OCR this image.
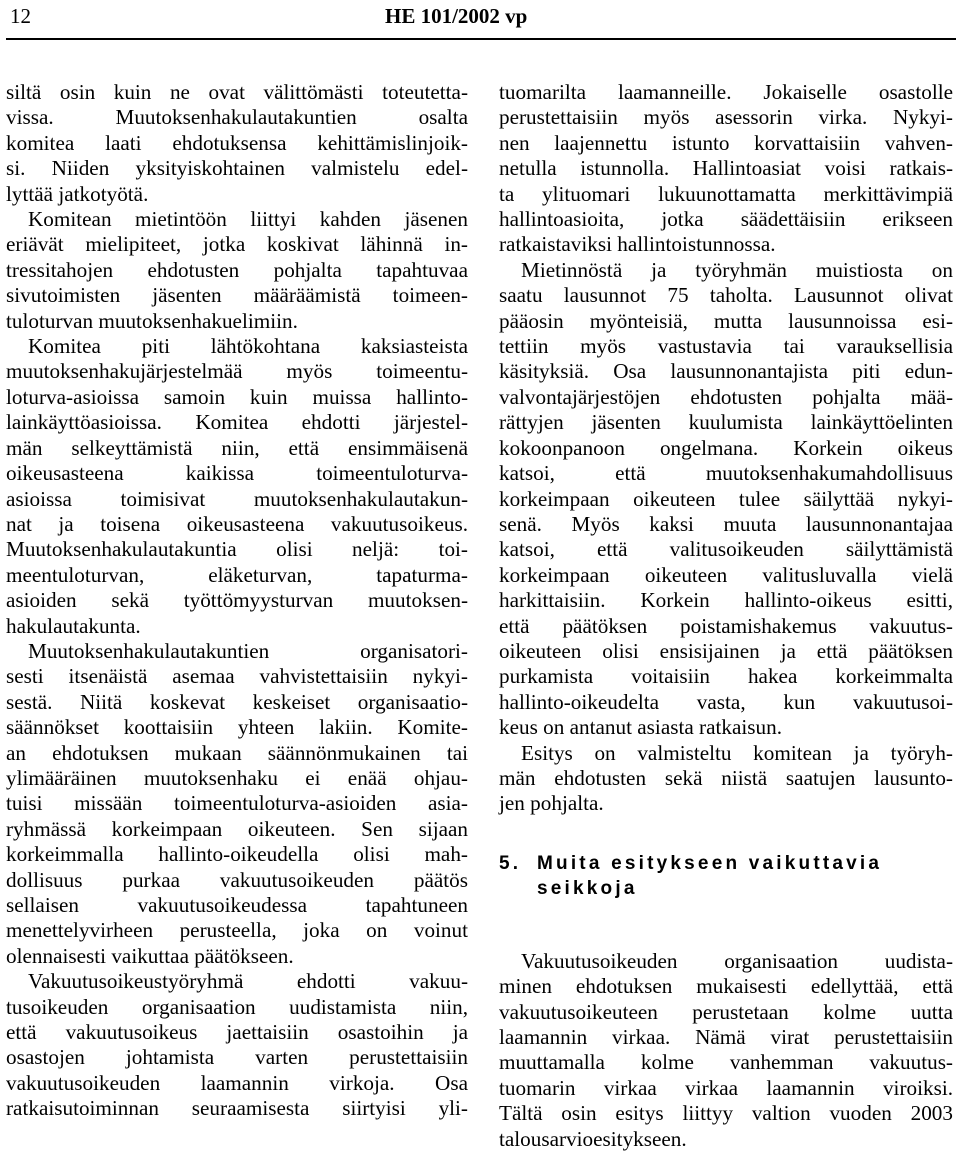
12	HE 101/2002 vp
siltä osin kuin ne ovat välittömästi toteutetta-
vissa. Muutoksenhakulautakuntien osalta
komitea laati ehdotuksensa kehittämislinjoik-
si. Niiden yksityiskohtainen valmistelu edel-
lyttää jatkotyötä.
Komitean mietintöön liittyi kahden jäsenen
eriävät mielipiteet, jotka koskivat lähinnä in-
tressitahojen ehdotusten pohjalta tapahtuvaa
sivutoimisten jäsenten määräämistä toimeen-
tuloturvan muutoksenhakuelimiin.
Komitea piti lähtökohtana kaksiasteista
muutoksenhakujärjestelmää myös toimeentu-
loturva-asioissa samoin kuin muissa hallinto-
lainkäyttöasioissa. Komitea ehdotti järjestel-
män selkeyttämistä niin, että ensimmäisenä
oikeusasteena kaikissa toimeentuloturva-
asioissa toimisivat muutoksenhakulautakun-
nat ja toisena oikeusasteena vakuutusoikeus.
Muutoksenhakulautakuntia olisi neljä: toi-
meentuloturvan, eläketurvan, tapaturma-
asioiden sekä työttömyysturvan muutoksen-
hakulautakunta.
Muutoksenhakulautakuntien organisatori-
sesti itsenäistä asemaa vahvistettaisiin nykyi-
sestä. Niitä koskevat keskeiset organisaatio-
säännökset koottaisiin yhteen lakiin. Komite-
an ehdotuksen mukaan säännönmukainen tai
ylimääräinen muutoksenhaku ei enää ohjau-
tuisi missään toimeentuloturva-asioiden asia-
ryhmässä korkeimpaan oikeuteen. Sen sijaan
korkeimmalla hallinto-oikeudella olisi mah-
dollisuus purkaa vakuutusoikeuden päätös
sellaisen vakuutusoikeudessa tapahtuneen
menettelyvirheen perusteella, joka on voinut
olennaisesti vaikuttaa päätökseen.
Vakuutusoikeustyöryhmä ehdotti vakuu-
tusoikeuden organisaation uudistamista niin,
että vakuutusoikeus jaettaisiin osastoihin ja
osastojen johtamista varten perustettaisiin
vakuutusoikeuden laamannin virkoja. Osa
ratkaisutoiminnan seuraamisesta siirtyisi yli-
tuomarilta laamanneille. Jokaiselle osastolle
perustettaisiin myös asessorin virka. Nykyi-
nen laajennettu istunto korvattaisiin vahven-
netulla istunnolla. Hallintoasiat voisi ratkais-
ta ylituomari lukuunottamatta merkittävimpiä
hallintoasioita, jotka säädettäisiin erikseen
ratkaistaviksi hallintoistunnossa.
Mietinnöstä ja työryhmän muistiosta on
saatu lausunnot 75 taholta. Lausunnot olivat
pääosin myönteisiä, mutta lausunnoissa esi-
tettiin myös vastustavia tai varauksellisia
käsityksiä. Osa lausunnonantajista piti edun-
valvontajärjestöjen ehdotusten pohjalta mää-
rättyjen jäsenten kuulumista lainkäyttöelinten
kokoonpanoon ongelmana. Korkein oikeus
katsoi, että muutoksenhakumahdollisuus
korkeimpaan oikeuteen tulee säilyttää nykyi-
senä. Myös kaksi muuta lausunnonantajaa
katsoi, että valitusoikeuden säilyttämistä
korkeimpaan oikeuteen valitusluvalla vielä
harkittaisiin. Korkein hallinto-oikeus esitti,
että päätöksen poistamishakemus vakuutus-
oikeuteen olisi ensisijainen ja että päätöksen
purkamista voitaisiin hakea korkeimmalta
hallinto-oikeudelta vasta, kun vakuutusoi-
keus on antanut asiasta ratkaisun.
Esitys on valmisteltu komitean ja työryh-
män ehdotusten sekä niistä saatujen lausunto-
jen pohjalta.
5. Muita esitykseen vaikuttavia
seikkoja
Vakuutusoikeuden organisaation uudista-
minen ehdotuksen mukaisesti edellyttää, että
vakuutusoikeuteen perustetaan kolme uutta
laamannin virkaa. Nämä virat perustettaisiin
muuttamalla kolme vanhemman vakuutus-
tuomarin virkaa virkaa laamannin viroiksi.
Tältä osin esitys liittyy valtion vuoden 2003
talousarvioesitykseen.
